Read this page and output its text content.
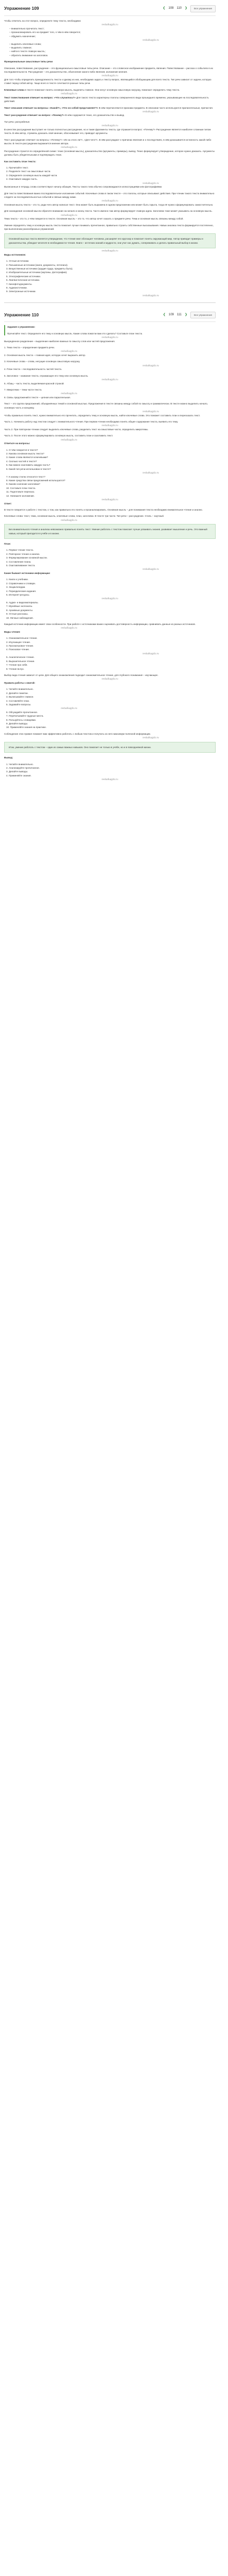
Упражнение 109	❮ 108 110 ❯	Все упражнения

Чтобы ответить на этот вопрос, определите тему текста, необходимо:

reshalkagdz.ru
– внимательно прочитать текст;
– проанализировать его на предмет того, о чём в нём говорится;
– обдумать назначение;
reshalkagdz.ru
– выделить ключевые слова;
– выделить главное;
– найти в тексте главную мысль;
– обратить внимание на заголовок.

Функциональные смысловые типы речи

Описание, повествование, рассуждение – это функционально-смысловые типы речи. Описание – это словесное изображение предмета, явления. Повествование – рассказ о событиях в их последовательности. Рассуждение – это доказательство, объяснение какого-либо явления, изложение мнения.

reshalkagdz.ru

Для того чтобы определить принадлежность текста к одному из них, необходимо задать к тексту вопрос, являющийся обобщающим для всего текста. Тип речи зависит от задачи, которую ставит перед собой автор. Чаще всего в тексте сочетаются разные типы речи.

Ключевые слова в тексте помогают понять основную мысль, выделить главное. Они несут основную смысловую нагрузку, помогают определить тему текста.

reshalkagdz.ru

Текст повествования отвечает на вопрос: «Что случилось?» Для такого текста характерны глаголы совершенного вида прошедшего времени, указывающие на последовательность действий.

Текст описания отвечает на вопросы: «Какой?», «Что он собой представляет?» В нём перечисляются признаки предмета. В описании часто используются прилагательные, причастия.

reshalkagdz.ru

Текст рассуждения отвечает на вопрос: «Почему?» В нём содержится тезис, его доказательство и вывод.

Тип речи: рассуждение.

reshalkagdz.ru

В качестве рассуждения выступает не только полностью рассуждение, но и такие фрагменты текста, где отражается вопрос: «Почему?» Рассуждение является наиболее сложным типом текста. В нём автор, стремясь доказать своё мнение, обосновывает его, приводит аргументы.

Текст рассуждение отвечает на вопросы: «Почему?» «Из-за этого ли?», «Для чего?». В нём рассуждают о причинах явления и о последствиях, в нём доказывается истинность какой-либо мысли. В тексте-рассуждении выражается мнение автора.

reshalkagdz.ru

Рассуждение строится по определённой схеме: тезис (основная мысль), доказательство (аргументы, примеры), вывод. Тезис формулирует утверждение, которое нужно доказать. Аргументы должны быть убедительными и подтверждать тезис.

Как составить план текста:

1. Прочитайте текст.
2. Разделите текст на смысловые части.
3. Определите основную мысль каждой части.
4. Озаглавьте каждую часть.
reshalkagdz.ru

Выписанные в тетрадь слова соответствуют началу абзацев. Тексты такого типа обычно сопровождаются иллюстрациями или фотографиями.

Для текста повествования важно последовательное изложение событий. Ключевые слова в таком тексте – это глаголы, которые описывают действия. При чтении такого текста внимательно следите за последовательностью событий и связью между ними.

reshalkagdz.ru

Основная мысль текста – это то, ради чего автор написал текст. Она может быть выражена в одном предложении или может быть скрыта, тогда её нужно сформулировать самостоятельно.

Для нахождения основной мысли обратите внимание на начало и конец текста. Часто именно там автор формулирует главную идею. Заголовок тоже может указывать на основную мысль.

reshalkagdz.ru

Тема текста – это то, о чём говорится в тексте. Основная мысль – это то, что автор хочет сказать о предмете речи. Тема и основная мысль связаны между собой.

Умение определять тему и основную мысль текста помогает лучше понимать прочитанное, правильно строить собственные высказывания. Навык анализа текста формируется постепенно, при выполнении разнообразных упражнений.

Основной мыслью текста является утверждение, что чтение книг обогащает человека, расширяет его кругозор и помогает понять окружающий мир. Автор приводит примеры и доказательства, убеждая читателя в необходимости чтения. Книги – источник знаний и мудрости, они учат нас думать, сопереживать и делать правильный выбор в жизни.

reshalkagdz.ru

Виды источников:

1. Устные источники.
2. Письменные источники (книги, документы, летописи).
3. Вещественные источники (орудия труда, предметы быта).
4. Изобразительные источники (картины, фотографии).
5. Этнографические источники.
6. Лингвистические источники.
7. Кинофотодокументы.
8. Аудиоисточники.
9. Электронные источники.
reshalkagdz.ru
Упражнение 110	❮ 109 111 ❯	Все упражнения

Задание к упражнению:

Прочитайте текст. Определите его тему и основную мысль. Какие слова помогли вам это сделать? Составьте план текста.

reshalkagdz.ru

Вынужденное разделение – выделение наиболее важных по смыслу слов или частей предложения.

1. Тема текста – определение предмета речи.

reshalkagdz.ru

2. Основная мысль текста – главная идея, которую хочет выразить автор.

3. Ключевые слова – слова, несущие основную смысловую нагрузку.

reshalkagdz.ru

4. План текста – последовательность частей текста.

5. Заголовок – название текста, отражающее его тему или основную мысль.

reshalkagdz.ru

6. Абзац – часть текста, выделяемая красной строкой.

7. Микротема – тема части текста.

reshalkagdz.ru

8. Связь предложений в тексте – цепная или параллельная.

Текст – это группа предложений, объединённых темой и основной мыслью. Предложения в тексте связаны между собой по смыслу и грамматически. В тексте можно выделить начало, основную часть и концовку.

reshalkagdz.ru

Чтобы правильно понять текст, нужно внимательно его прочитать, определить тему и основную мысль, найти ключевые слова. Это поможет составить план и пересказать текст.

Часть 1. Начинать работу над текстом следует с внимательного чтения. При первом чтении необходимо понять общее содержание текста, выявить его тему.

reshalkagdz.ru

Часть 2. При повторном чтении следует выделить ключевые слова, разделить текст на смысловые части, определить микротемы.

Часть 3. После этого можно сформулировать основную мысль, составить план и озаглавить текст.

reshalkagdz.ru

Ответьте на вопросы:

1. О чём говорится в тексте?
2. Какова основная мысль текста?
3. Какие слова являются ключевыми?
4. Сколько частей в тексте?
5. Как можно озаглавить каждую часть?
6. Какой тип речи использован в тексте?
reshalkagdz.ru
7. К какому стилю относится текст?
8. Какие средства связи предложений используются?
9. Каково значение заголовка?
10. Составьте план текста.
11. Подготовьте пересказ.
12. Напишите изложение.
reshalkagdz.ru

Ответ:

В тексте говорится о работе с текстом, о том, как правильно его понять и проанализировать. Основная мысль – для понимания текста необходимо внимательное чтение и анализ.

Ключевые слова: текст, тема, основная мысль, ключевые слова, план, заголовок. В тексте три части. Тип речи – рассуждение. Стиль – научный.

reshalkagdz.ru

Без внимательного чтения и анализа невозможно правильно понять текст. Умение работать с текстом помогает лучше усваивать знания, развивает мышление и речь. Это важный навык, который пригодится в учёбе и в жизни.

План:

1. Первое чтение текста.
2. Повторное чтение и анализ.
3. Формулирование основной мысли.
4. Составление плана.
5. Озаглавливание текста.
reshalkagdz.ru

Какие бывают источники информации:

1. Книги и учебники.
2. Справочники и словари.
3. Энциклопедии.
4. Периодические издания.
5. Интернет-ресурсы.
reshalkagdz.ru
6. Аудио- и видеоматериалы.
7. Музейные экспонаты.
8. Архивные документы.
9. Устные рассказы.
10. Личные наблюдения.

Каждый источник информации имеет свои особенности. При работе с источниками важно оценивать достоверность информации, сравнивать данные из разных источников.

reshalkagdz.ru

Виды чтения:

1. Ознакомительное чтение.
2. Изучающее чтение.
3. Просмотровое чтение.
4. Поисковое чтение.
reshalkagdz.ru
5. Аналитическое чтение.
6. Выразительное чтение.
7. Чтение про себя.
8. Чтение вслух.

Выбор вида чтения зависит от цели. Для общего ознакомления подходит ознакомительное чтение, для глубокого понимания – изучающее.

reshalkagdz.ru

Правила работы с книгой:

1. Читайте внимательно.
2. Делайте пометки.
3. Выписывайте главное.
4. Составляйте план.
5. Задавайте вопросы.
reshalkagdz.ru
6. Обсуждайте прочитанное.
7. Перечитывайте трудные места.
8. Пользуйтесь словарями.
9. Делайте выводы.
10. Применяйте знания на практике.

Соблюдение этих правил поможет вам эффективно работать с любым текстом и получать из него максимум полезной информации.

reshalkagdz.ru

Итак, умение работать с текстом – один из самых важных навыков. Оно помогает не только в учёбе, но и в повседневной жизни.

Вывод:

1. Читайте внимательно.
2. Анализируйте прочитанное.
3. Делайте выводы.
4. Применяйте знания.
reshalkagdz.ru
